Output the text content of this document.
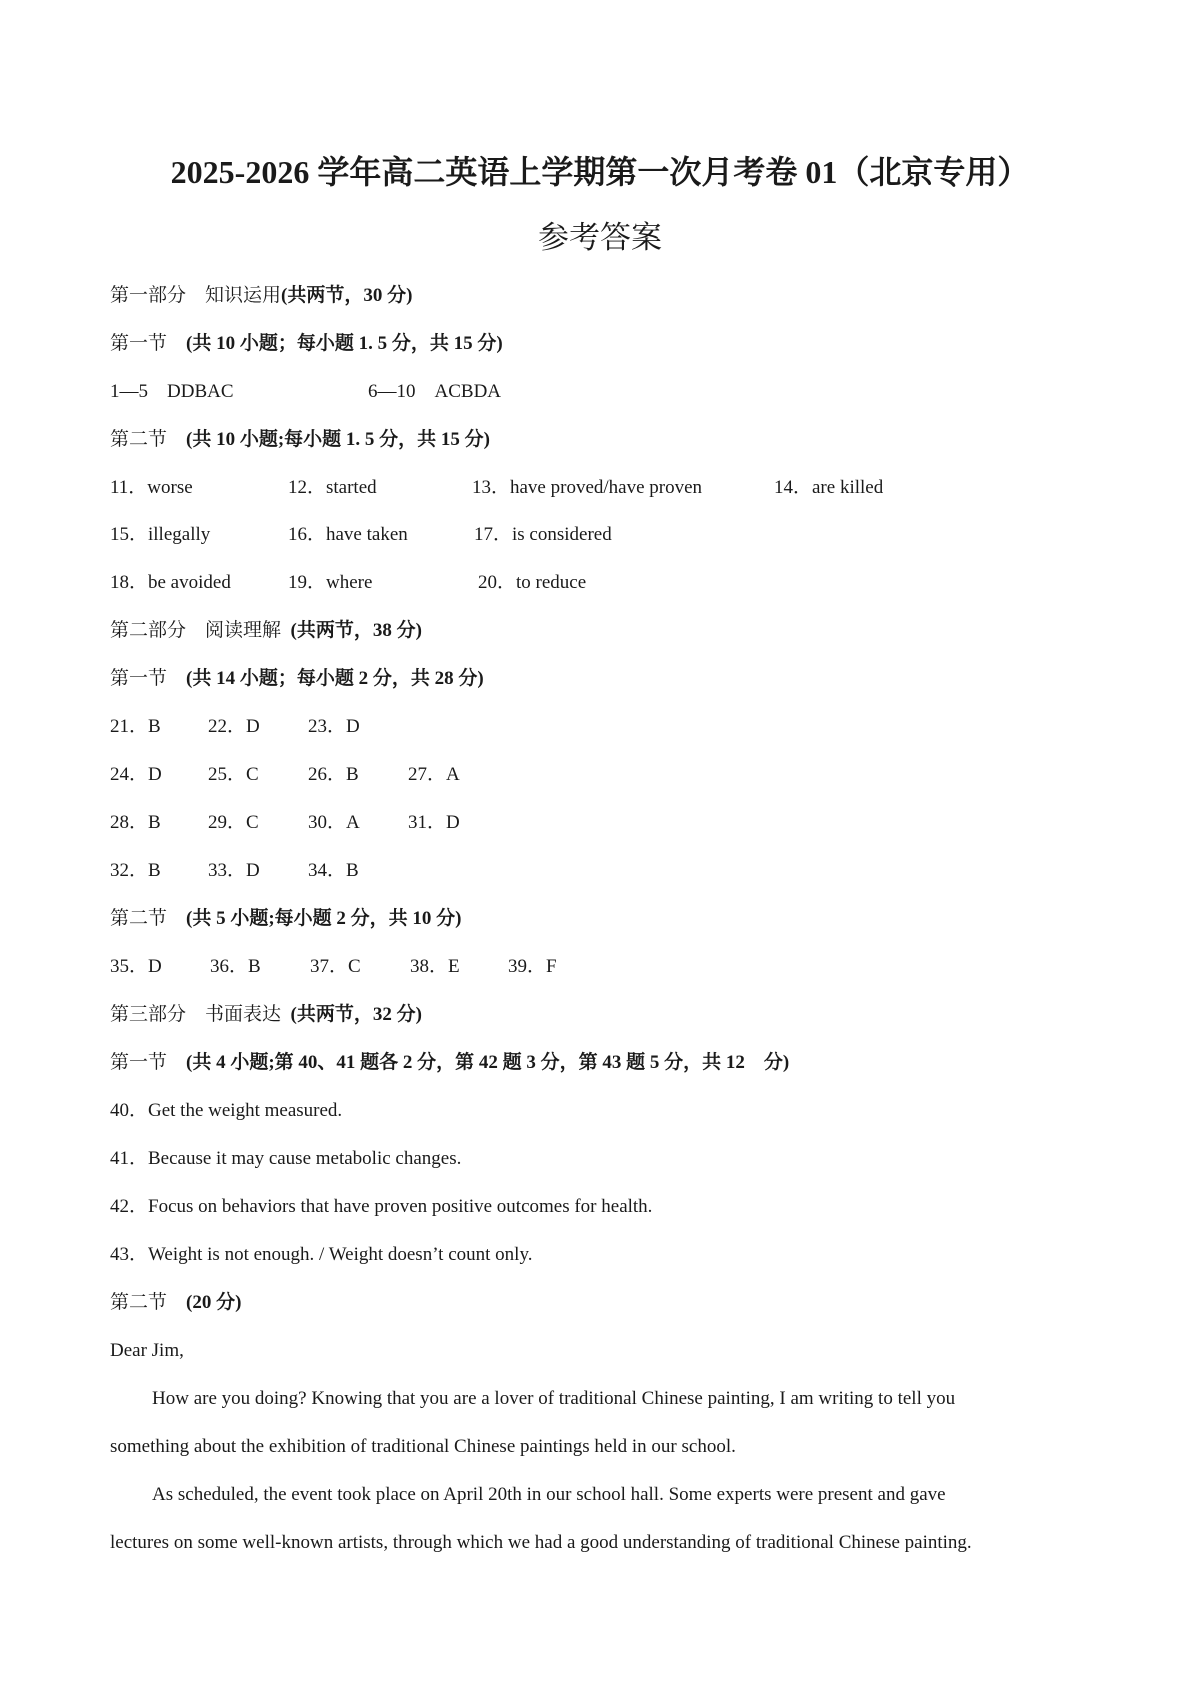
2025-2026 学年高二英语上学期第一次月考卷 01（北京专用）
参考答案
第一部分　知识运用(共两节，30 分)
第一节  (共 10 小题；每小题 1. 5 分，共 15 分)
1—5　DDBAC	6—10　ACBDA
第二节  (共 10 小题;每小题 1. 5 分，共 15 分)
11．worse	12．started	13．have proved/have proven	14．are killed
15．illegally	16．have taken	17．is considered
18．be avoided	19．where	20．to reduce
第二部分　阅读理解  (共两节，38 分)
第一节  (共 14 小题；每小题 2 分，共 28 分)
21．B 22．D	23．D
24．D 25．C	26．B	27．A
28．B 29．C	30．A	31．D
32．B 33．D	34．B
第二节  (共 5 小题;每小题 2 分，共 10 分)
35．D	36．B	37．C	38．E	39．F
第三部分　书面表达  (共两节，32 分)
第一节  (共 4 小题;第 40、41 题各 2 分，第 42 题 3 分，第 43 题 5 分，共 12　分)
40．Get the weight measured.
41．Because it may cause metabolic changes.
42．Focus on behaviors that have proven positive outcomes for health.
43．Weight is not enough. / Weight doesn’t count only.
第二节  (20 分)
Dear Jim,
How are you doing? Knowing that you are a lover of traditional Chinese painting, I am writing to tell you
something about the exhibition of traditional Chinese paintings held in our school.
As scheduled, the event took place on April 20th in our school hall. Some experts were present and gave
lectures on some well-known artists, through which we had a good understanding of traditional Chinese painting.
